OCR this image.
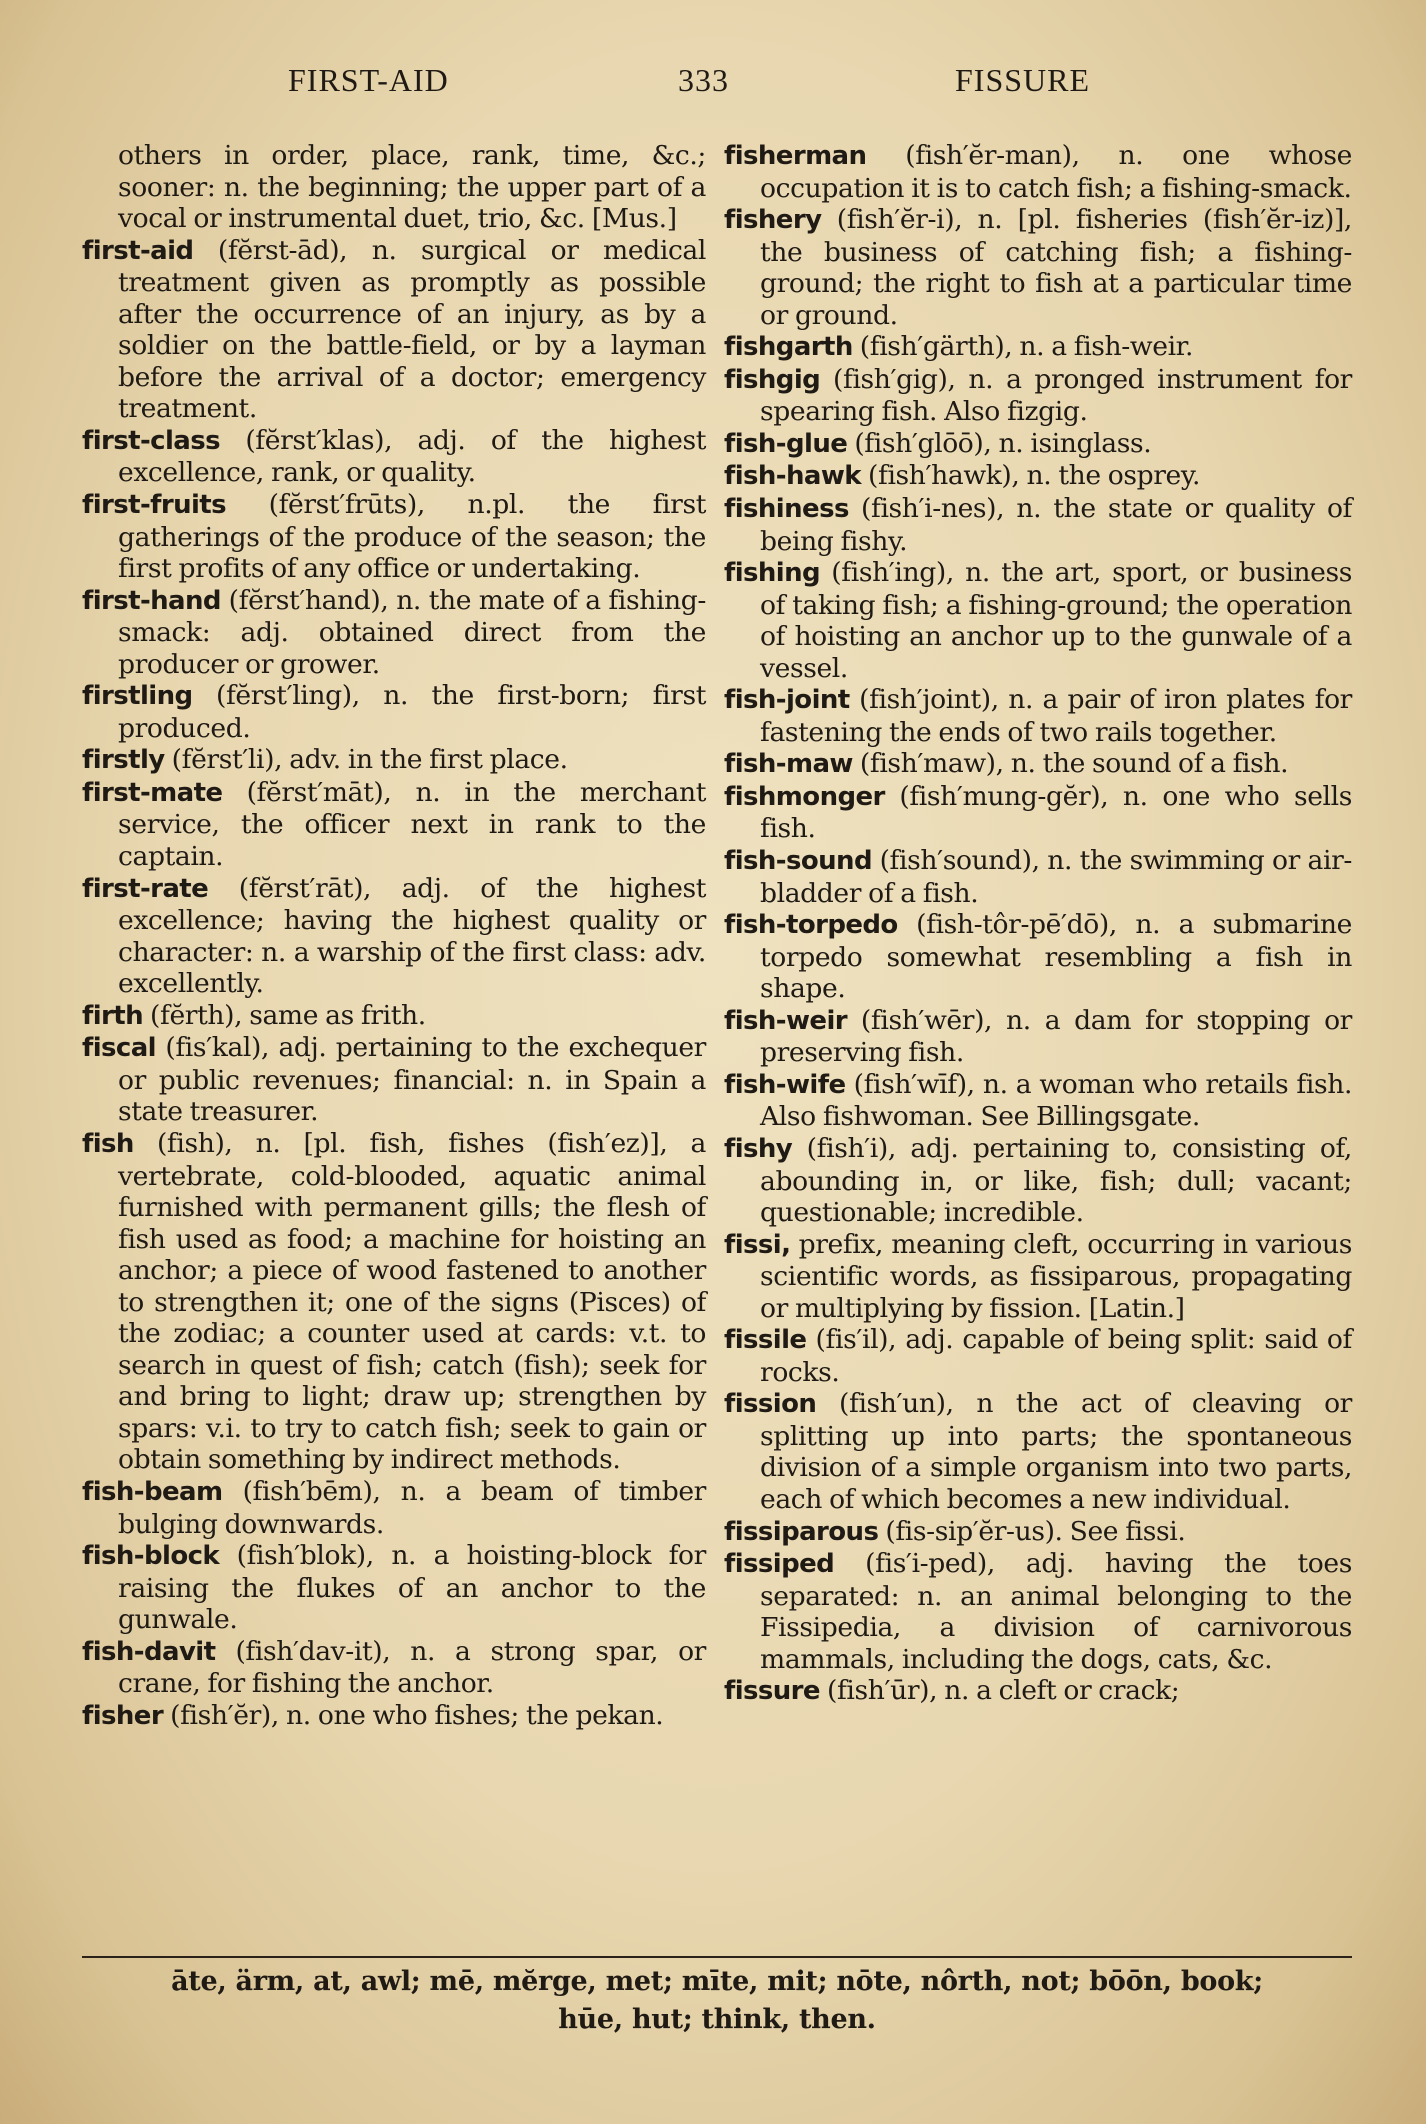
FIRST-AID	333	FISSURE

others in order, place, rank, time, &c.; sooner: n. the beginning; the upper part of a vocal or instrumental duet, trio, &c. [Mus.]

first-aid (fĕrst-ād), n. surgical or medical treatment given as promptly as possible after the occurrence of an injury, as by a soldier on the battle-field, or by a layman before the arrival of a doctor; emergency treatment.

first-class (fĕrst′klas), adj. of the highest excellence, rank, or quality.

first-fruits (fĕrst′frūts), n.pl. the first gatherings of the produce of the season; the first profits of any office or undertaking.

first-hand (fĕrst′hand), n. the mate of a fishing-smack: adj. obtained direct from the producer or grower.

firstling (fĕrst′ling), n. the first-born; first produced.

firstly (fĕrst′li), adv. in the first place.

first-mate (fĕrst′māt), n. in the merchant service, the officer next in rank to the captain.

first-rate (fĕrst′rāt), adj. of the highest excellence; having the highest quality or character: n. a warship of the first class: adv. excellently.

firth (fĕrth), same as frith.

fiscal (fis′kal), adj. pertaining to the exchequer or public revenues; financial: n. in Spain a state treasurer.

fish (fish), n. [pl. fish, fishes (fish′ez)], a vertebrate, cold-blooded, aquatic animal furnished with permanent gills; the flesh of fish used as food; a machine for hoisting an anchor; a piece of wood fastened to another to strengthen it; one of the signs (Pisces) of the zodiac; a counter used at cards: v.t. to search in quest of fish; catch (fish); seek for and bring to light; draw up; strengthen by spars: v.i. to try to catch fish; seek to gain or obtain something by indirect methods.

fish-beam (fish′bēm), n. a beam of timber bulging downwards.

fish-block (fish′blok), n. a hoisting-block for raising the flukes of an anchor to the gunwale.

fish-davit (fish′dav-it), n. a strong spar, or crane, for fishing the anchor.

fisher (fish′ĕr), n. one who fishes; the pekan.

fisherman (fish′ĕr-man), n. one whose occupation it is to catch fish; a fishing-smack.

fishery (fish′ĕr-i), n. [pl. fisheries (fish′ĕr-iz)], the business of catching fish; a fishing-ground; the right to fish at a particular time or ground.

fishgarth (fish′gärth), n. a fish-weir.

fishgig (fish′gig), n. a pronged instrument for spearing fish. Also fizgig.

fish-glue (fish′glōō), n. isinglass.

fish-hawk (fish′hawk), n. the osprey.

fishiness (fish′i-nes), n. the state or quality of being fishy.

fishing (fish′ing), n. the art, sport, or business of taking fish; a fishing-ground; the operation of hoisting an anchor up to the gunwale of a vessel.

fish-joint (fish′joint), n. a pair of iron plates for fastening the ends of two rails together.

fish-maw (fish′maw), n. the sound of a fish.

fishmonger (fish′mung-gĕr), n. one who sells fish.

fish-sound (fish′sound), n. the swimming or air-bladder of a fish.

fish-torpedo (fish-tôr-pē′dō), n. a submarine torpedo somewhat resembling a fish in shape.

fish-weir (fish′wēr), n. a dam for stopping or preserving fish.

fish-wife (fish′wīf), n. a woman who retails fish. Also fishwoman. See Billingsgate.

fishy (fish′i), adj. pertaining to, consisting of, abounding in, or like, fish; dull; vacant; questionable; incredible.

fissi, prefix, meaning cleft, occurring in various scientific words, as fissiparous, propagating or multiplying by fission. [Latin.]

fissile (fis′il), adj. capable of being split: said of rocks.

fission (fish′un), n the act of cleaving or splitting up into parts; the spontaneous division of a simple organism into two parts, each of which becomes a new individual.

fissiparous (fis-sip′ĕr-us). See fissi.

fissiped (fis′i-ped), adj. having the toes separated: n. an animal belonging to the Fissipedia, a division of carnivorous mammals, including the dogs, cats, &c.

fissure (fish′ūr), n. a cleft or crack;

āte, ärm, at, awl; mē, mĕrge, met; mīte, mit; nōte, nôrth, not; bōōn, book;
hūe, hut; think, then.
